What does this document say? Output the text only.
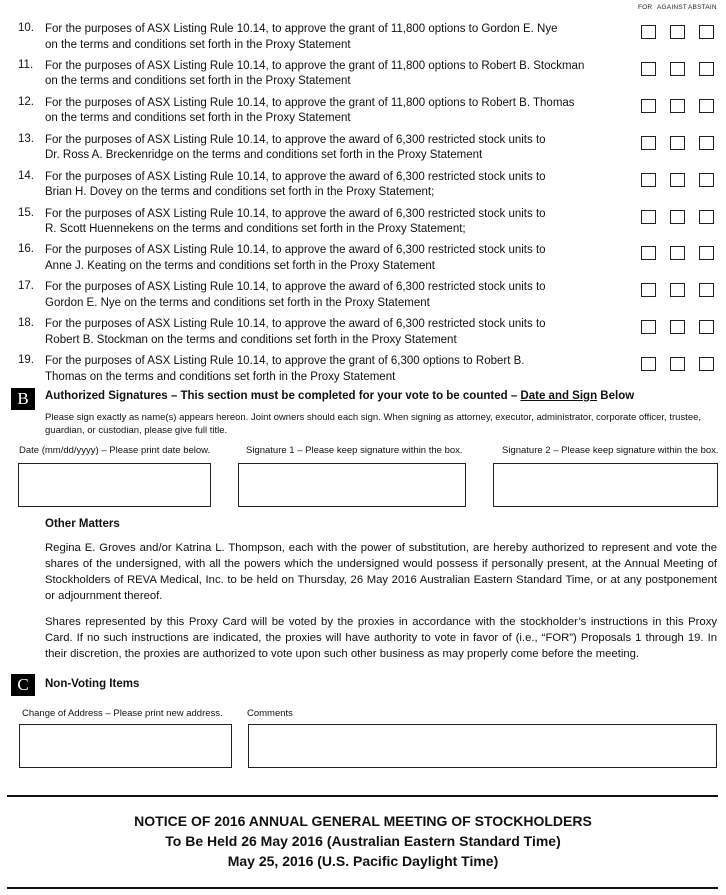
FOR AGAINST ABSTAIN
10. For the purposes of ASX Listing Rule 10.14, to approve the grant of 11,800 options to Gordon E. Nye
on the terms and conditions set forth in the Proxy Statement
11. For the purposes of ASX Listing Rule 10.14, to approve the grant of 11,800 options to Robert B. Stockman
on the terms and conditions set forth in the Proxy Statement
12. For the purposes of ASX Listing Rule 10.14, to approve the grant of 11,800 options to Robert B. Thomas
on the terms and conditions set forth in the Proxy Statement
13. For the purposes of ASX Listing Rule 10.14, to approve the award of 6,300 restricted stock units to
Dr. Ross A. Breckenridge on the terms and conditions set forth in the Proxy Statement
14. For the purposes of ASX Listing Rule 10.14, to approve the award of 6,300 restricted stock units to
Brian H. Dovey on the terms and conditions set forth in the Proxy Statement;
15. For the purposes of ASX Listing Rule 10.14, to approve the award of 6,300 restricted stock units to
R. Scott Huennekens on the terms and conditions set forth in the Proxy Statement;
16. For the purposes of ASX Listing Rule 10.14, to approve the award of 6,300 restricted stock units to
Anne J. Keating on the terms and conditions set forth in the Proxy Statement
17. For the purposes of ASX Listing Rule 10.14, to approve the award of 6,300 restricted stock units to
Gordon E. Nye on the terms and conditions set forth in the Proxy Statement
18. For the purposes of ASX Listing Rule 10.14, to approve the award of 6,300 restricted stock units to
Robert B. Stockman on the terms and conditions set forth in the Proxy Statement
19. For the purposes of ASX Listing Rule 10.14, to approve the grant of 6,300 options to Robert B.
Thomas on the terms and conditions set forth in the Proxy Statement
B	Authorized Signatures – This section must be completed for your vote to be counted – Date and Sign Below
Please sign exactly as name(s) appears hereon. Joint owners should each sign. When signing as attorney, executor, administrator, corporate officer, trustee,
guardian, or custodian, please give full title.
Date (mm/dd/yyyy) – Please print date below.	Signature 1 – Please keep signature within the box.	Signature 2 – Please keep signature within the box.
Other Matters
Regina E. Groves and/or Katrina L. Thompson, each with the power of substitution, are hereby authorized to represent and vote the shares of the undersigned, with all the powers which the undersigned would possess if personally present, at the Annual Meeting of Stockholders of REVA Medical, Inc. to be held on Thursday, 26 May 2016 Australian Eastern Standard Time, or at any postponement or adjournment thereof.
Shares represented by this Proxy Card will be voted by the proxies in accordance with the stockholder’s instructions in this Proxy Card. If no such instructions are indicated, the proxies will have authority to vote in favor of (i.e., “FOR”) Proposals 1 through 19. In their discretion, the proxies are authorized to vote upon such other business as may properly come before the meeting.
C	Non-Voting Items
Change of Address – Please print new address.	Comments
NOTICE OF 2016 ANNUAL GENERAL MEETING OF STOCKHOLDERS
To Be Held 26 May 2016 (Australian Eastern Standard Time)
May 25, 2016 (U.S. Pacific Daylight Time)
